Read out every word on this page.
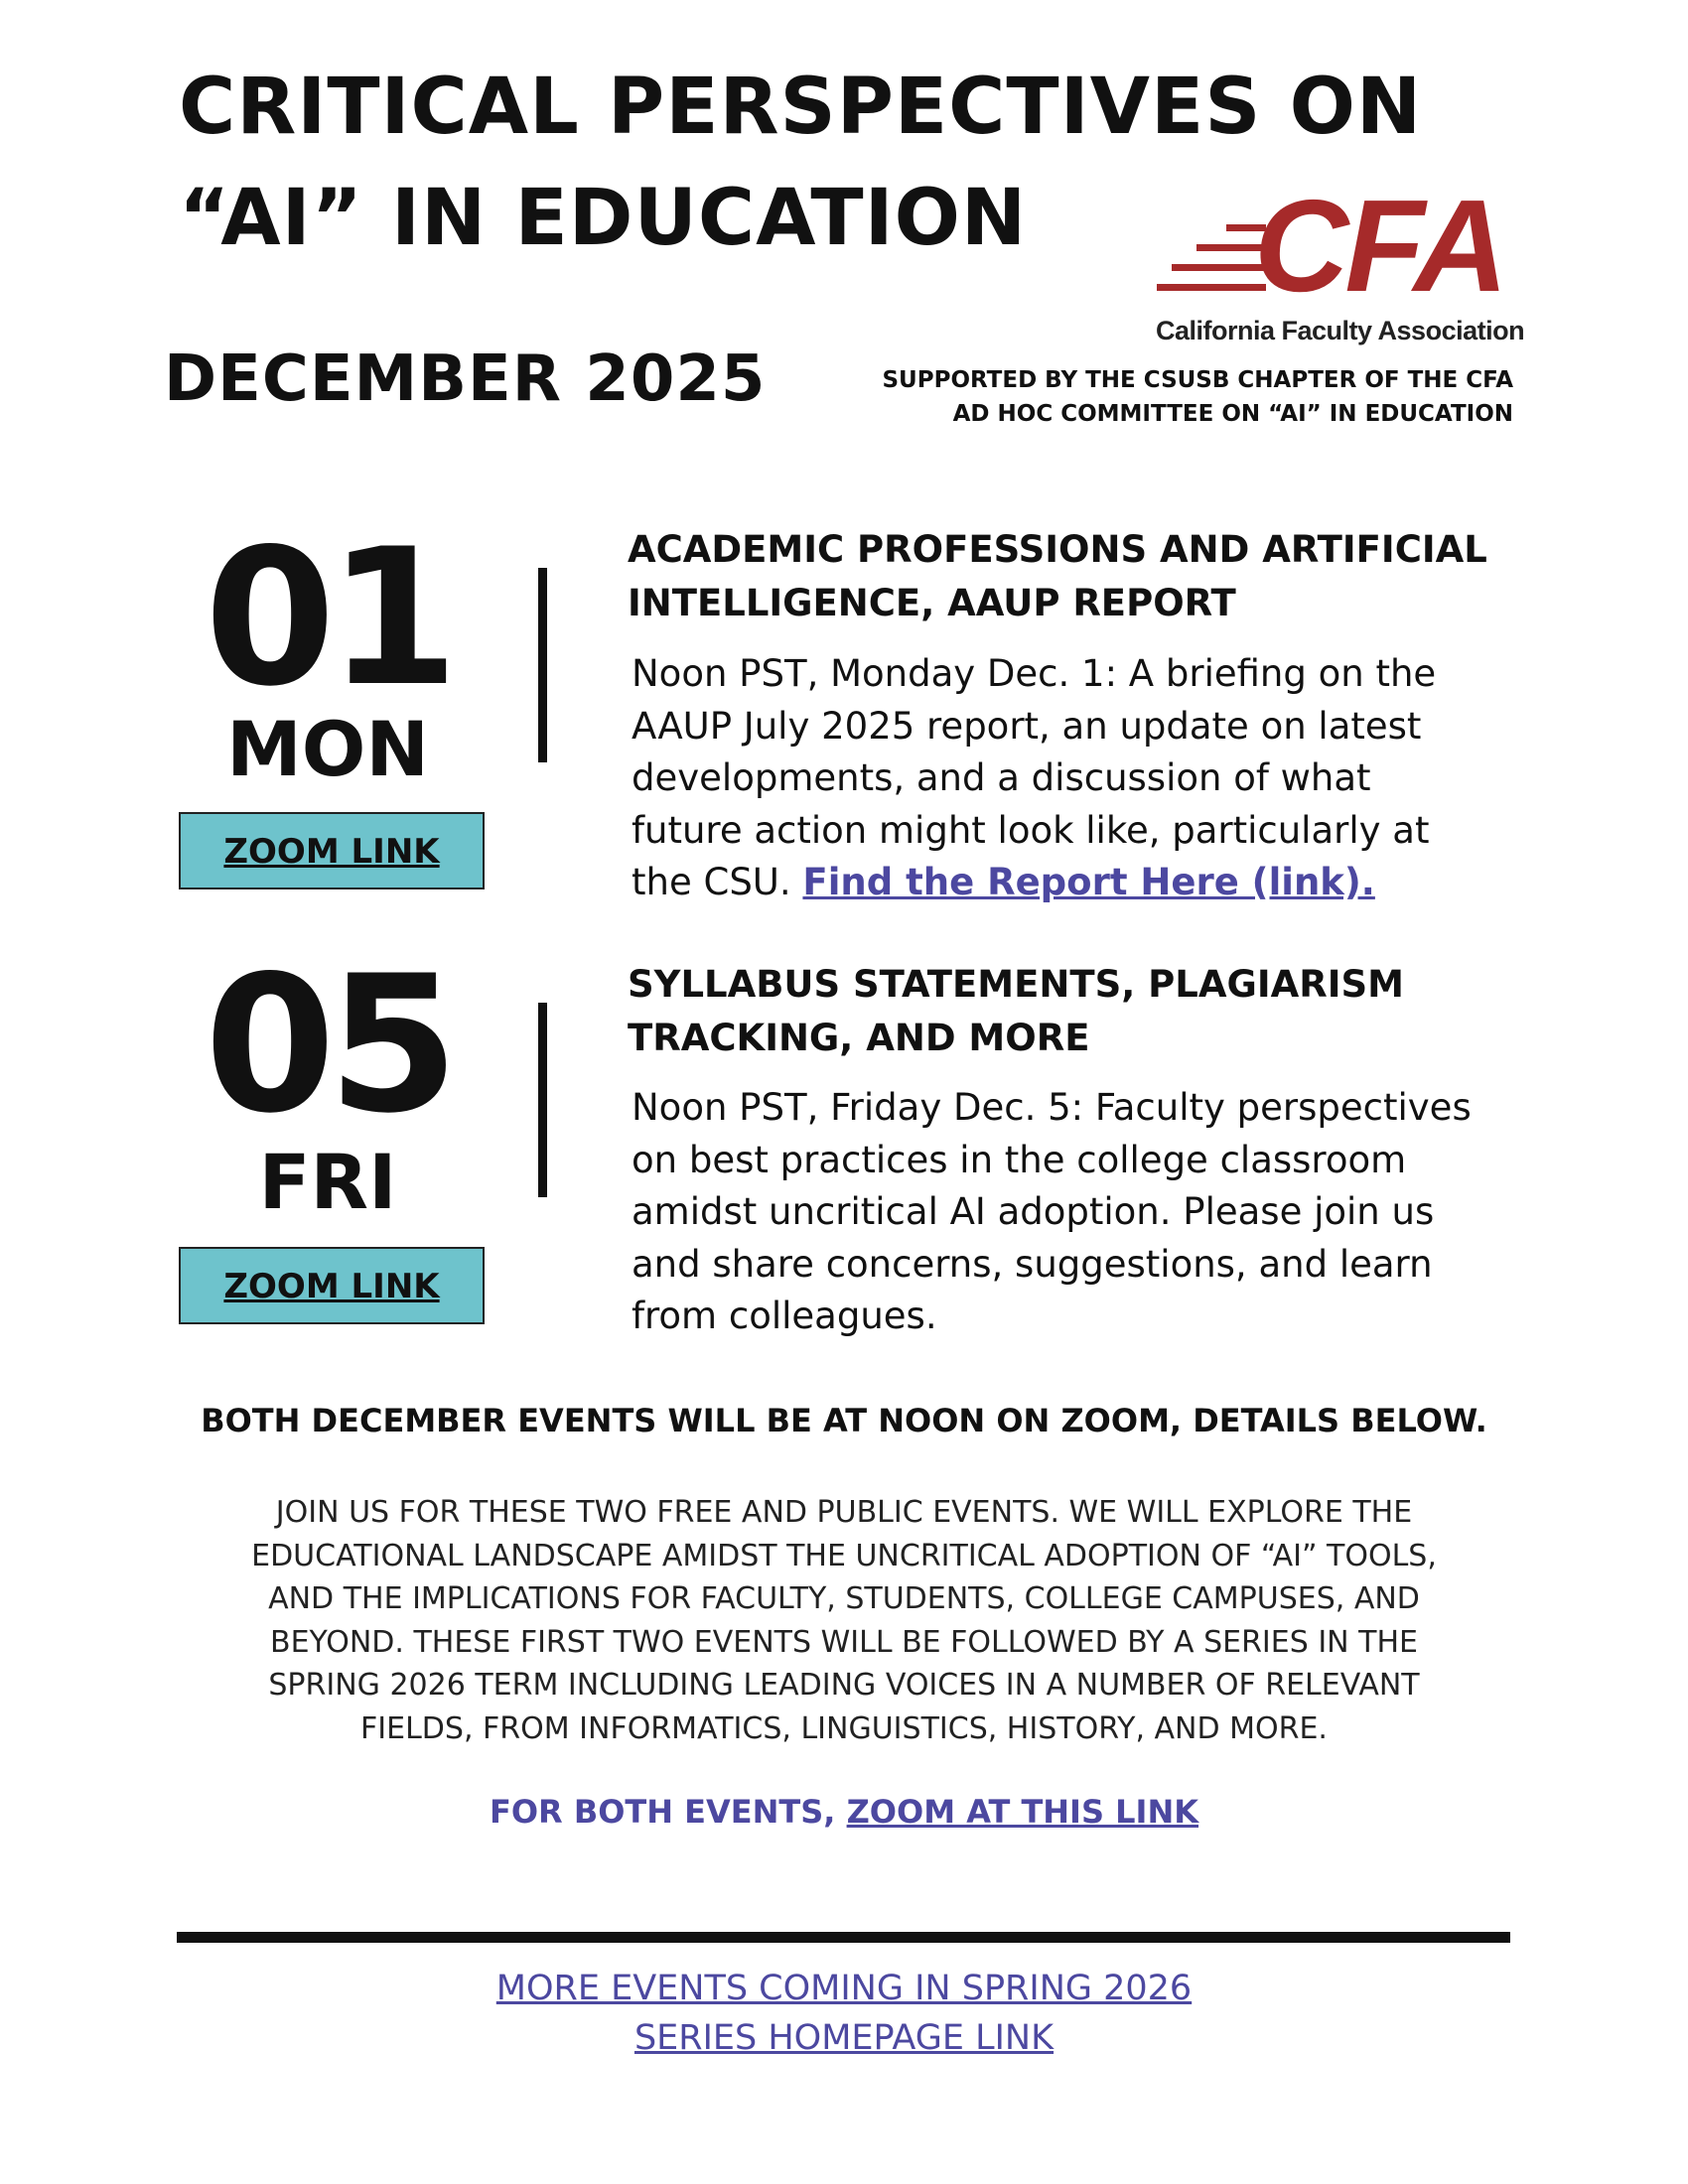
CRITICAL PERSPECTIVES ON
“AI” IN EDUCATION	CFA
California Faculty Association
DECEMBER 2025	SUPPORTED BY THE CSUSB CHAPTER OF THE CFA
AD HOC COMMITTEE ON “AI” IN EDUCATION

01
MON
ZOOM LINK
ACADEMIC PROFESSIONS AND ARTIFICIAL
INTELLIGENCE, AAUP REPORT

Noon PST, Monday Dec. 1: A briefing on the
AAUP July 2025 report, an update on latest
developments, and a discussion of what
future action might look like, particularly at
the CSU. Find the Report Here (link).

05
FRI
ZOOM LINK
SYLLABUS STATEMENTS, PLAGIARISM
TRACKING, AND MORE

Noon PST, Friday Dec. 5: Faculty perspectives
on best practices in the college classroom
amidst uncritical AI adoption. Please join us
and share concerns, suggestions, and learn
from colleagues.

BOTH DECEMBER EVENTS WILL BE AT NOON ON ZOOM, DETAILS BELOW.

JOIN US FOR THESE TWO FREE AND PUBLIC EVENTS. WE WILL EXPLORE THE
EDUCATIONAL LANDSCAPE AMIDST THE UNCRITICAL ADOPTION OF “AI” TOOLS,
AND THE IMPLICATIONS FOR FACULTY, STUDENTS, COLLEGE CAMPUSES, AND
BEYOND. THESE FIRST TWO EVENTS WILL BE FOLLOWED BY A SERIES IN THE
SPRING 2026 TERM INCLUDING LEADING VOICES IN A NUMBER OF RELEVANT
FIELDS, FROM INFORMATICS, LINGUISTICS, HISTORY, AND MORE.

FOR BOTH EVENTS, ZOOM AT THIS LINK

MORE EVENTS COMING IN SPRING 2026
SERIES HOMEPAGE LINK
